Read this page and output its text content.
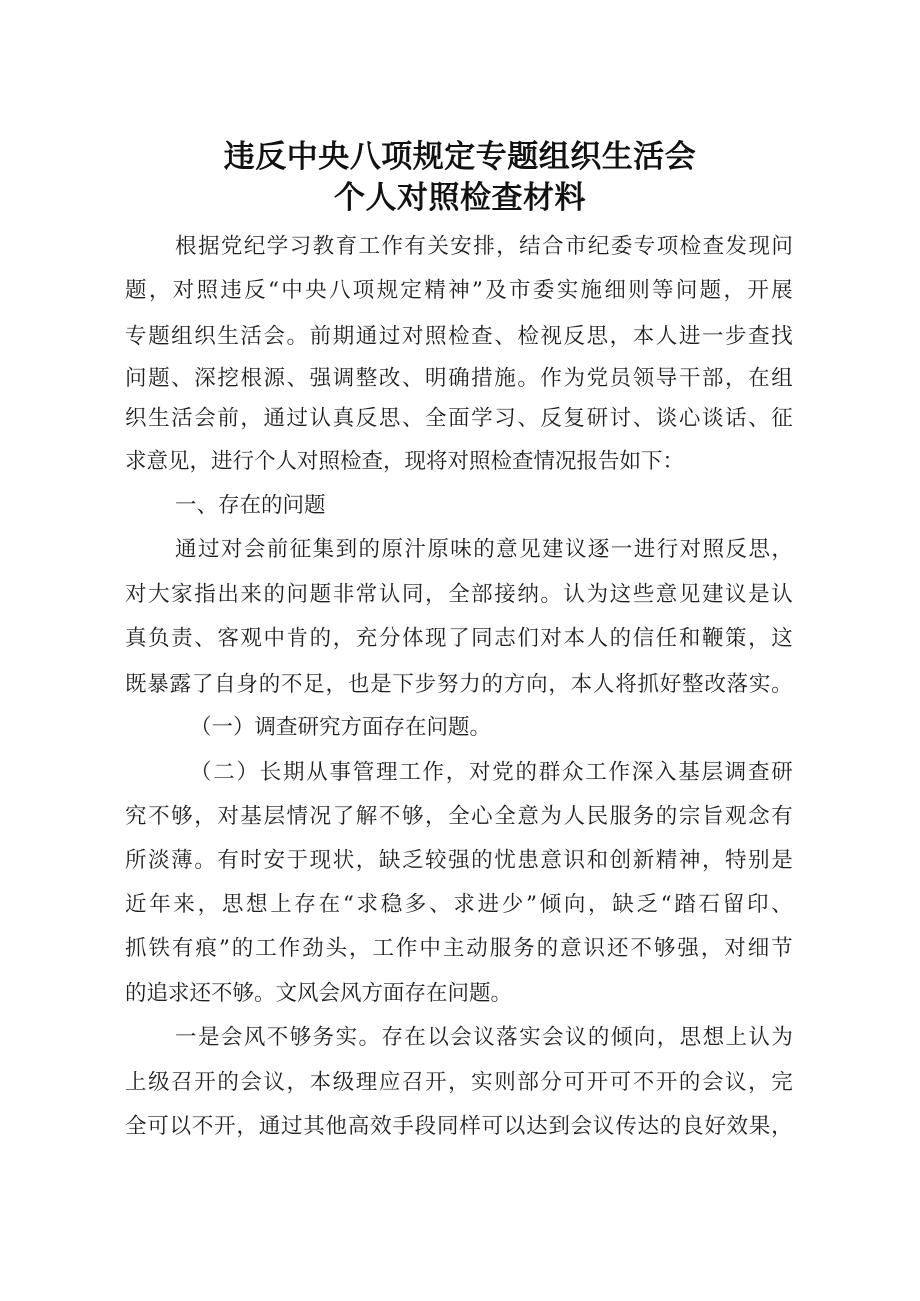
违反中央八项规定专题组织生活会
个人对照检查材料
根 据 党 纪 学 习 教 育 工 作 有 关 安 排 ， 结 合 市 纪 委 专 项 检 查 发 现 问
题 ， 对 照 违 反 “ 中 央 八 项 规 定 精 神 ” 及 市 委 实 施 细 则 等 问 题 ， 开 展
专 题 组 织 生 活 会 。 前 期 通 过 对 照 检 查 、 检 视 反 思 ， 本 人 进 一 步 查 找
问 题 、 深 挖 根 源 、 强 调 整 改 、 明 确 措 施 。 作 为 党 员 领 导 干 部 ， 在 组
织 生 活 会 前 ， 通 过 认 真 反 思 、 全 面 学 习 、 反 复 研 讨 、 谈 心 谈 话 、 征
求意见，进行个人对照检查，现将对照检查情况报告如下：
一、存在的问题
通 过 对 会 前 征 集 到 的 原 汁 原 味 的 意 见 建 议 逐 一 进 行 对 照 反 思 ，
对 大 家 指 出 来 的 问 题 非 常 认 同 ， 全 部 接 纳 。 认 为 这 些 意 见 建 议 是 认
真 负 责 、 客 观 中 肯 的 ， 充 分 体 现 了 同 志 们 对 本 人 的 信 任 和 鞭 策 ， 这
既 暴 露 了 自 身 的 不 足 ， 也 是 下 步 努 力 的 方 向 ， 本 人 将 抓 好 整 改 落 实 。
（一）调查研究方面存在问题。
（ 二 ） 长 期 从 事 管 理 工 作 ， 对 党 的 群 众 工 作 深 入 基 层 调 查 研
究 不 够 ， 对 基 层 情 况 了 解 不 够 ， 全 心 全 意 为 人 民 服 务 的 宗 旨 观 念 有
所 淡 薄 。 有 时 安 于 现 状 ， 缺 乏 较 强 的 忧 患 意 识 和 创 新 精 神 ， 特 别 是
近 年 来 ， 思 想 上 存 在 “ 求 稳 多 、 求 进 少 ” 倾 向 ， 缺 乏 “ 踏 石 留 印 、
抓 铁 有 痕 ” 的 工 作 劲 头 ， 工 作 中 主 动 服 务 的 意 识 还 不 够 强 ， 对 细 节
的追求还不够。文风会风方面存在问题。
一 是 会 风 不 够 务 实 。 存 在 以 会 议 落 实 会 议 的 倾 向 ， 思 想 上 认 为
上 级 召 开 的 会 议 ， 本 级 理 应 召 开 ， 实 则 部 分 可 开 可 不 开 的 会 议 ， 完
全 可 以 不 开 ， 通 过 其 他 高 效 手 段 同 样 可 以 达 到 会 议 传 达 的 良 好 效 果 ，
